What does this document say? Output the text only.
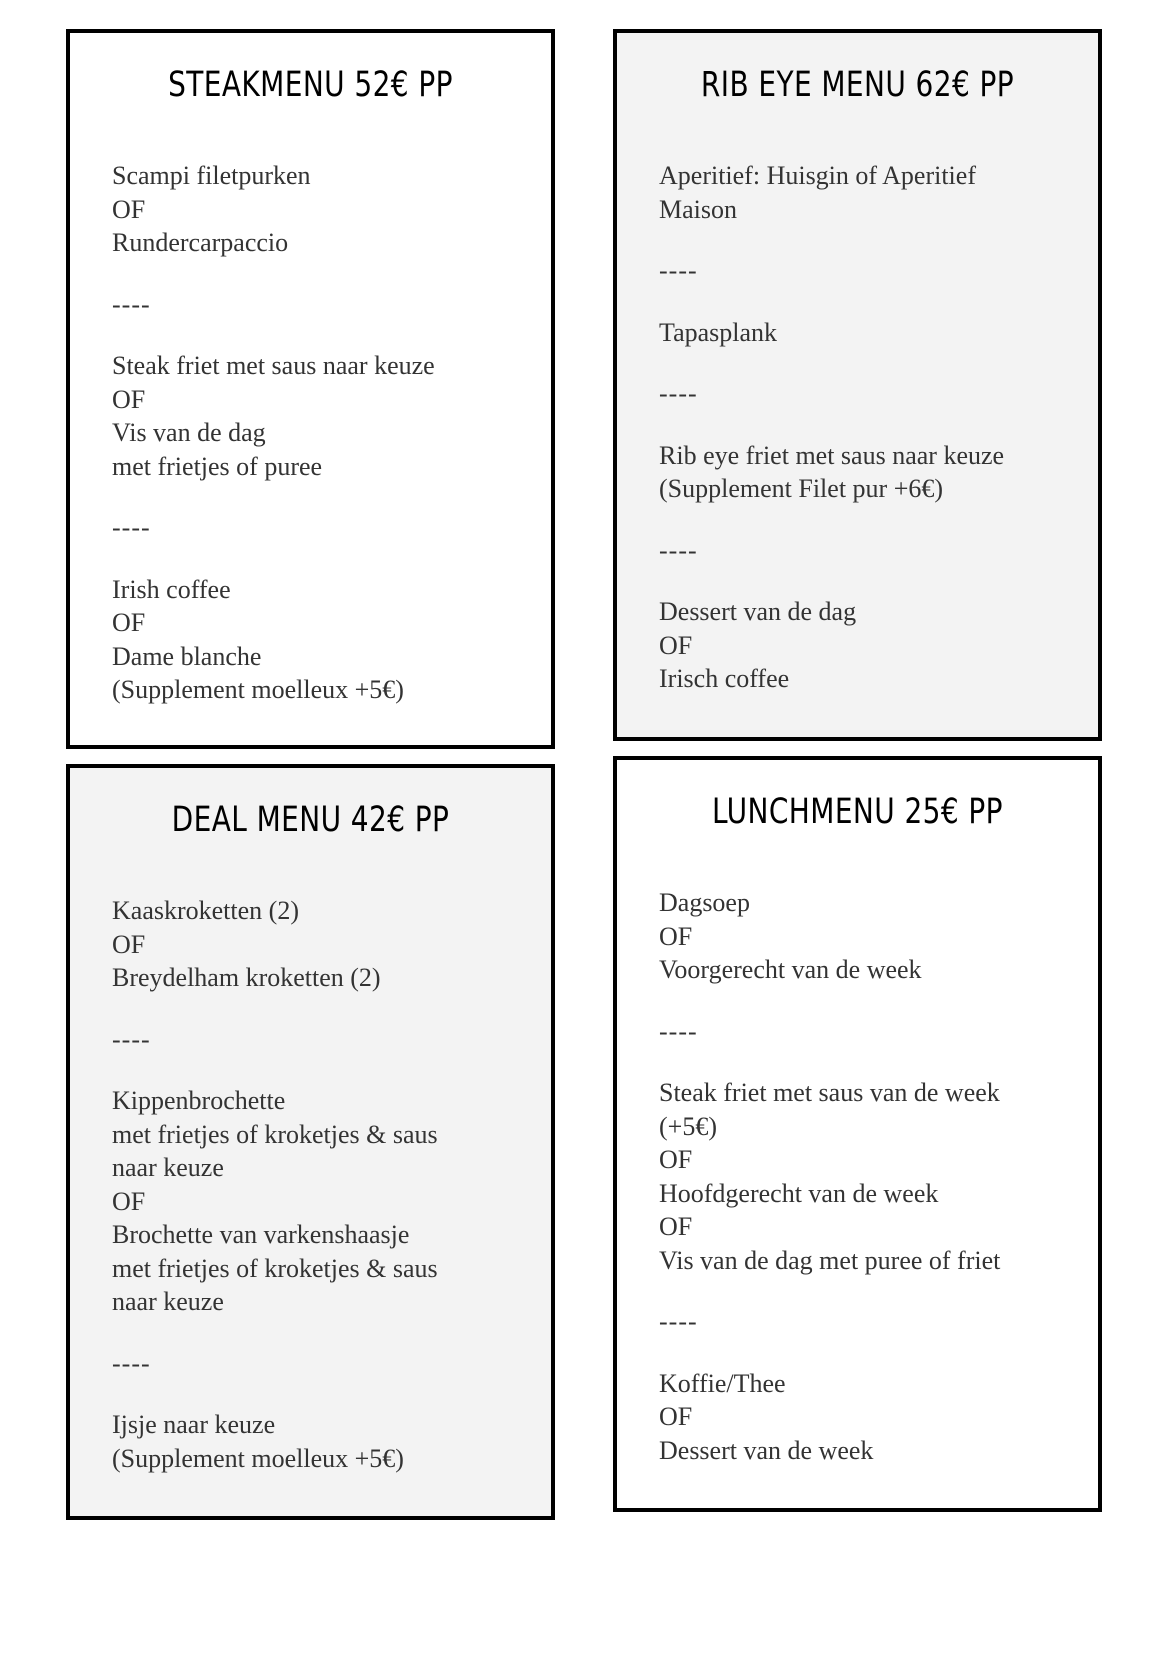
STEAKMENU 52€ PP
Scampi filetpurken
OF
Rundercarpaccio
----
Steak friet met saus naar keuze
OF
Vis van de dag
met frietjes of puree
----
Irish coffee
OF
Dame blanche
(Supplement moelleux +5€)
RIB EYE MENU 62€ PP
Aperitief: Huisgin of Aperitief
Maison
----
Tapasplank
----
Rib eye friet met saus naar keuze
(Supplement Filet pur +6€)
----
Dessert van de dag
OF
Irisch coffee
DEAL MENU 42€ PP
Kaaskroketten (2)
OF
Breydelham kroketten (2)
----
Kippenbrochette
met frietjes of kroketjes & saus
naar keuze
OF
Brochette van varkenshaasje
met frietjes of kroketjes & saus
naar keuze
----
Ijsje naar keuze
(Supplement moelleux +5€)
LUNCHMENU 25€ PP
Dagsoep
OF
Voorgerecht van de week
----
Steak friet met saus van de week
(+5€)
OF
Hoofdgerecht van de week
OF
Vis van de dag met puree of friet
----
Koffie/Thee
OF
Dessert van de week
